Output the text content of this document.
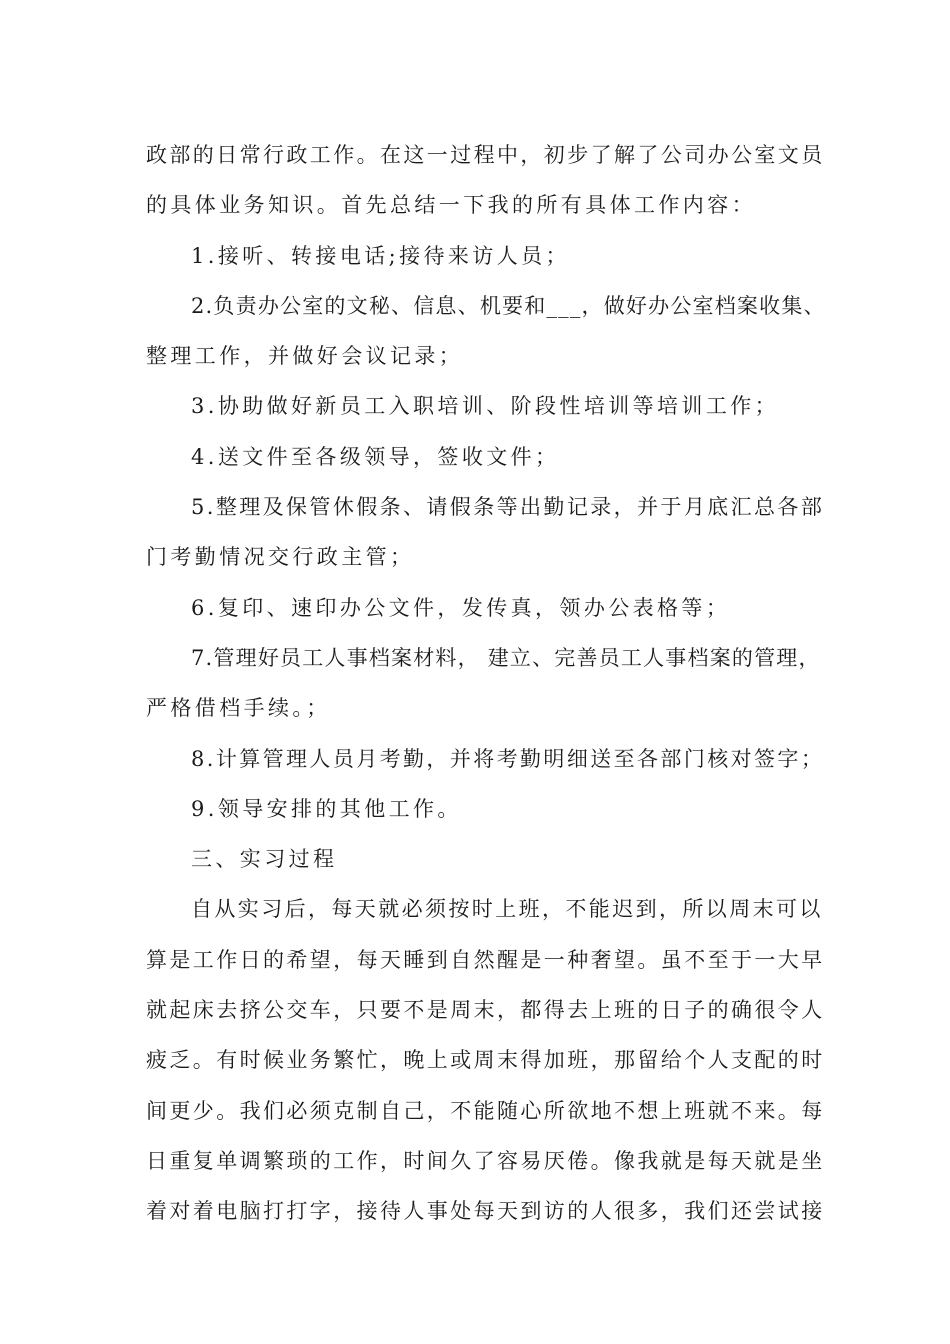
政部的日常行政工作。在这一过程中，初步了解了公司办公室文员
的具体业务知识。首先总结一下我的所有具体工作内容：
1.接听、转接电话;接待来访人员；
2.负责办公室的文秘、信息、机要和___，做好办公室档案收集、
整理工作，并做好会议记录；
3.协助做好新员工入职培训、阶段性培训等培训工作；
4.送文件至各级领导，签收文件；
5.整理及保管休假条、请假条等出勤记录，并于月底汇总各部
门考勤情况交行政主管；
6.复印、速印办公文件，发传真，领办公表格等；
7.管理好员工人事档案材料， 建立、完善员工人事档案的管理，
严格借档手续。；
8.计算管理人员月考勤，并将考勤明细送至各部门核对签字；
9.领导安排的其他工作。
三、实习过程
自从实习后，每天就必须按时上班，不能迟到，所以周末可以
算是工作日的希望，每天睡到自然醒是一种奢望。虽不至于一大早
就起床去挤公交车，只要不是周末，都得去上班的日子的确很令人
疲乏。有时候业务繁忙，晚上或周末得加班，那留给个人支配的时
间更少。我们必须克制自己，不能随心所欲地不想上班就不来。每
日重复单调繁琐的工作，时间久了容易厌倦。像我就是每天就是坐
着对着电脑打打字，接待人事处每天到访的人很多，我们还尝试接
